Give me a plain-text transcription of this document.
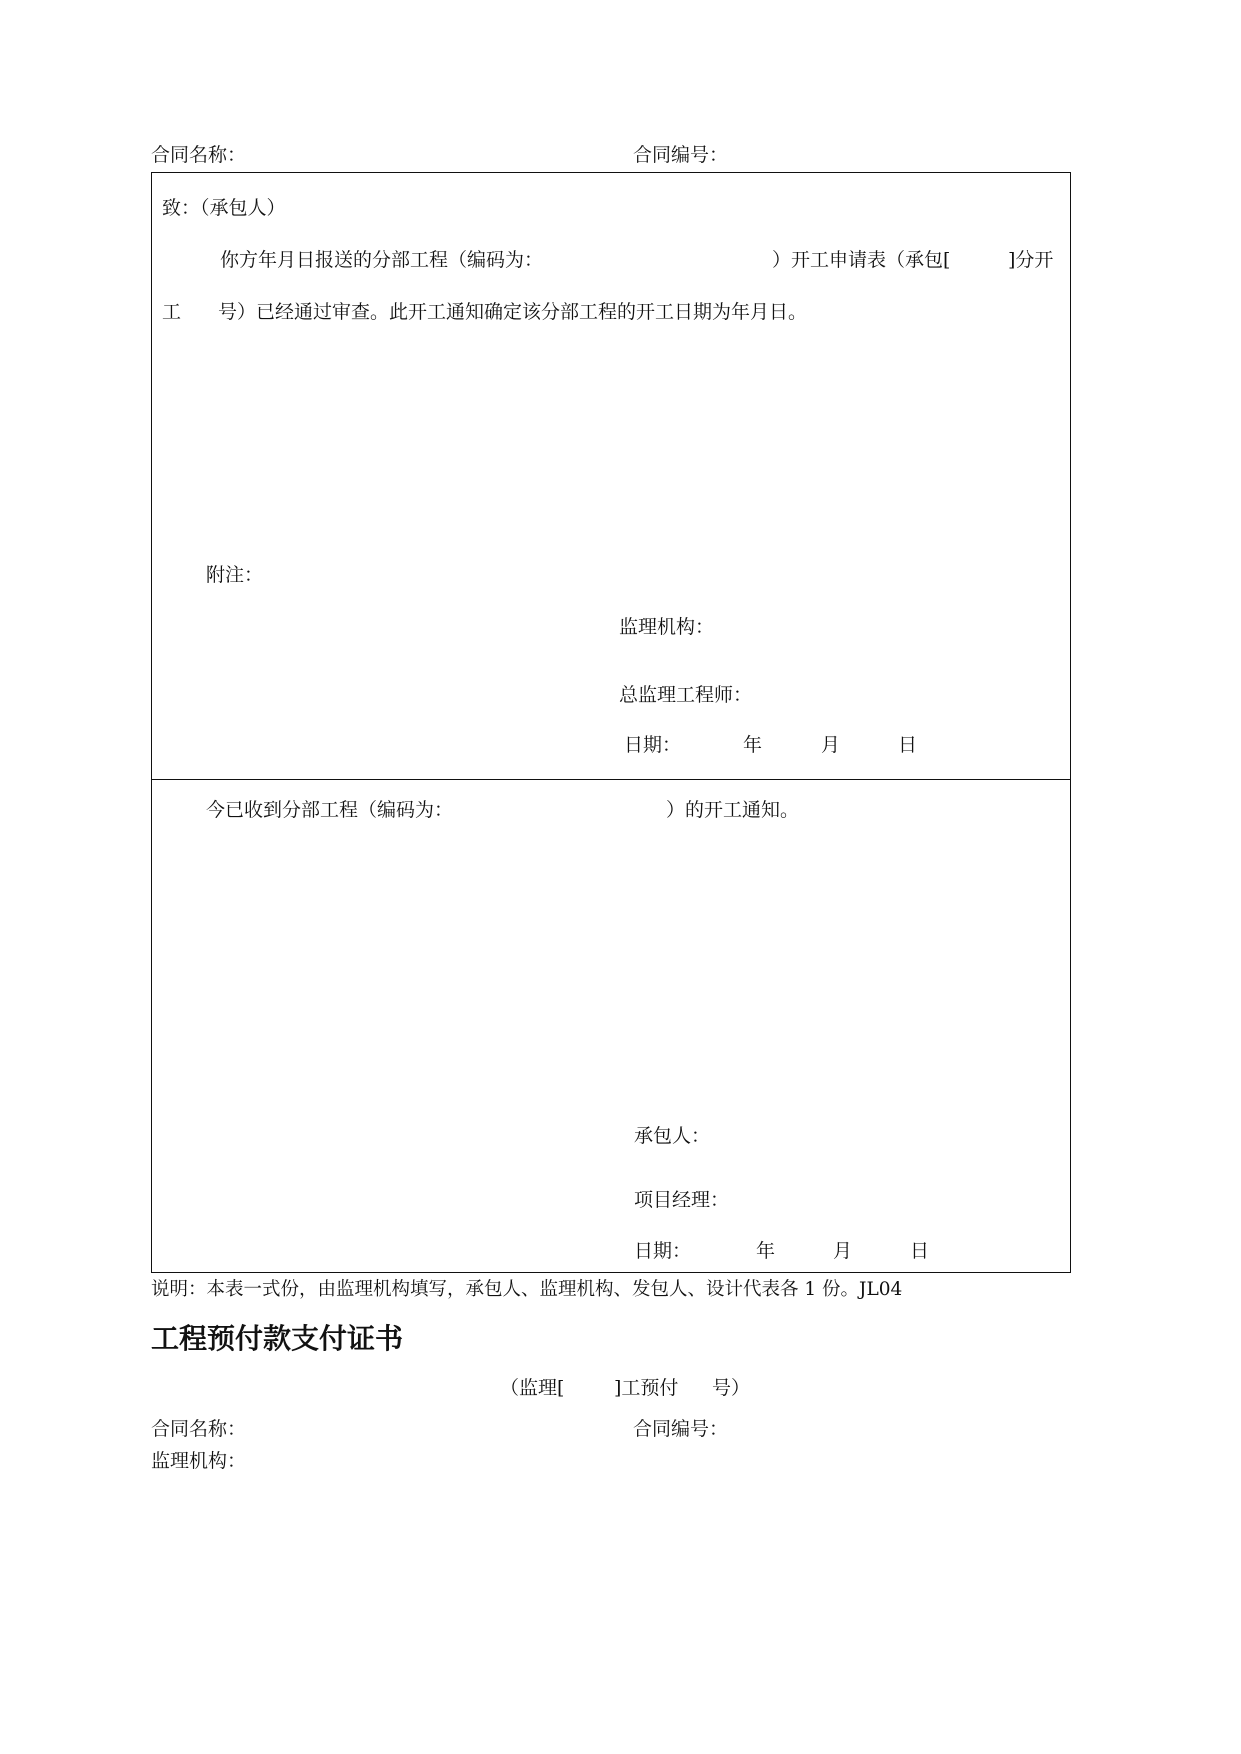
合同名称：	合同编号：
致：（承包人）
你方年月日报送的分部工程（编码为：	）开工申请表（承包[	]分开
工 号）已经通过审查。此开工通知确定该分部工程的开工日期为年月日。
附注：
监理机构：
总监理工程师：
日期：	年	月	日
今已收到分部工程（编码为：	）的开工通知。
承包人：
项目经理：
日期：	年	月	日
说明：本表一式份，由监理机构填写，承包人、监理机构、发包人、设计代表各 1 份。JL04
工程预付款支付证书
（监理[	]工预付 号）
合同名称：	合同编号：
监理机构：
